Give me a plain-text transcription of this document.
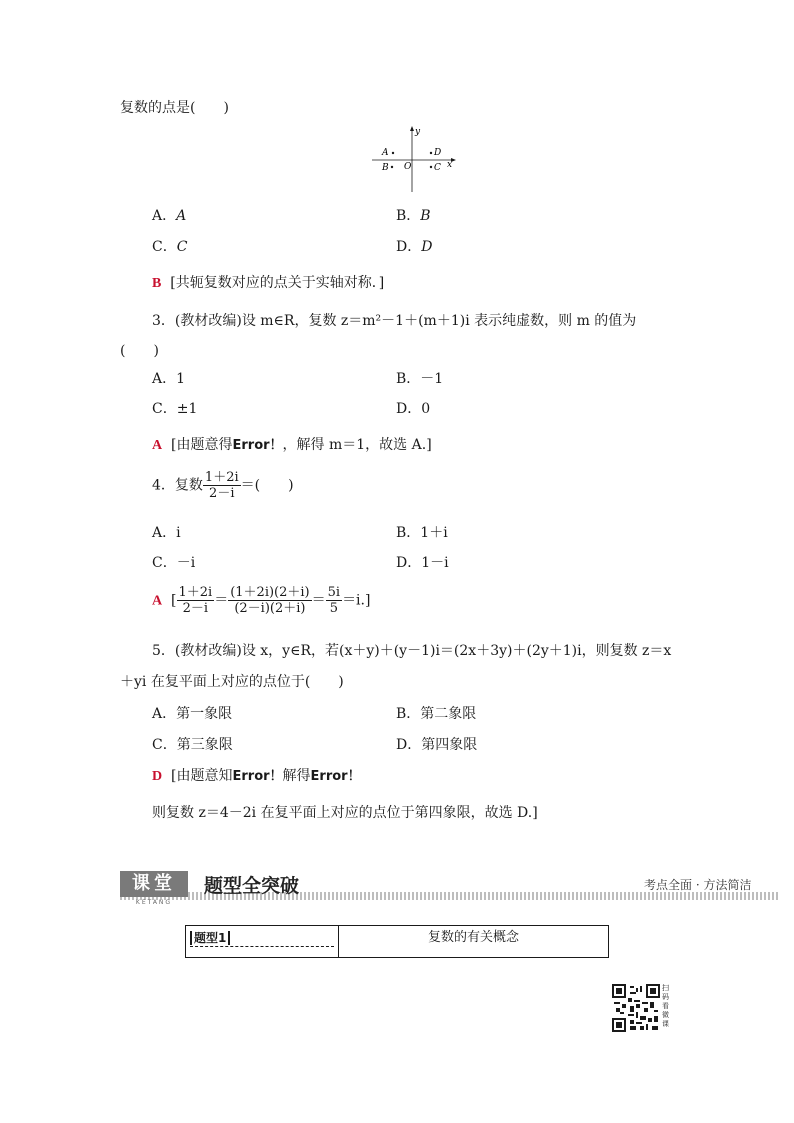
复数的点是(　　)
y
x
O
A
B
D
C
A．A	B．B
C．C	D．D
B [共轭复数对应的点关于实轴对称．]
3．(教材改编)设 m∈R，复数 z＝m²－1＋(m＋1)i 表示纯虚数，则 m 的值为
(　　)
A．1	B．－1
C．±1	D．0
A [由题意得Error！，解得 m＝1，故选 A.]
4．复数 $\frac{1+2i}{2-i}$ ＝(　　)
A．i	B．1＋i
C．－i	D．1－i
A [ $\frac{1+2i}{2-i} = \frac{(1+2i)(2+i)}{(2-i)(2+i)} = \frac{5i}{5} =i$.]
5．(教材改编)设 x，y∈R，若(x＋y)＋(y－1)i＝(2x＋3y)＋(2y＋1)i，则复数 z＝x
＋yi 在复平面上对应的点位于(　　)
A．第一象限	B．第二象限
C．第三象限	D．第四象限
D [由题意知Error！解得Error！
则复数 z＝4－2i 在复平面上对应的点位于第四象限，故选 D.]
课堂
KETANG
题型全突破	考点全面 · 方法简洁
题型1	复数的有关概念
扫码看微课
